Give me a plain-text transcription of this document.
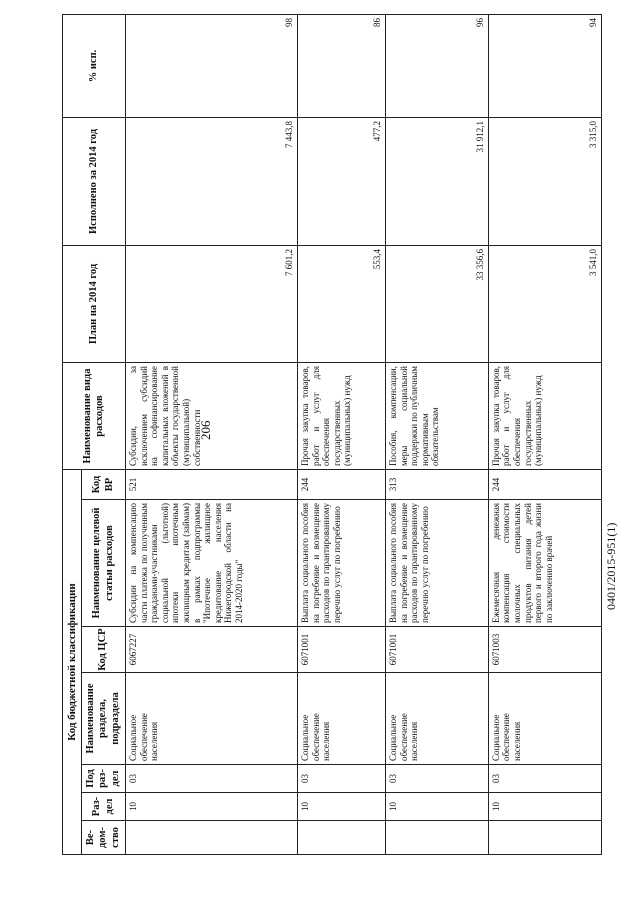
206
0401/2015-951(1)
Код бюджетной классификации							Наименование вида расходов	План на 2014 год	Исполнено за 2014 год	% исп.
Ве-дом-ство	Раз-дел	Под раз-дел	Наименование раздела, подраздела	Код ЦСР	Наименование целевой статьи расходов	Код ВР				
	10	03	Социальное обеспечение населения	6067227	Субсидии на компенсацию части платежа по полученным гражданами-участниками социальной (льготной) ипотеки ипотечным жилищным кредитам (займам) в рамках подпрограммы "Ипотечное жилищное кредитование населения Нижегородской области на 2014-2020 годы"	521	Субсидии, за исключением субсидий на софинансирование капитальных вложений в объекты государственной (муниципальной) собственности	7 601,2	7 443,8	98
	10	03	Социальное обеспечение населения	6071001	Выплата социального пособия на погребение и возмещение расходов по гарантированному перечню услуг по погребению	244	Прочая закупка товаров, работ и услуг для обеспечения государственных (муниципальных) нужд	553,4	477,2	86
	10	03	Социальное обеспечение населения	6071001	Выплата социального пособия на погребение и возмещение расходов по гарантированному перечню услуг по погребению	313	Пособия, компенсации, меры социальной поддержки по публичным нормативным обязательствам	33 356,6	31 912,1	96
	10	03	Социальное обеспечение населения	6071003	Ежемесячная денежная компенсация стоимости молочных специальных продуктов питания детей первого и второго года жизни по заключению врачей	244	Прочая закупка товаров, работ и услуг для обеспечения государственных (муниципальных) нужд	3 541,0	3 315,0	94
